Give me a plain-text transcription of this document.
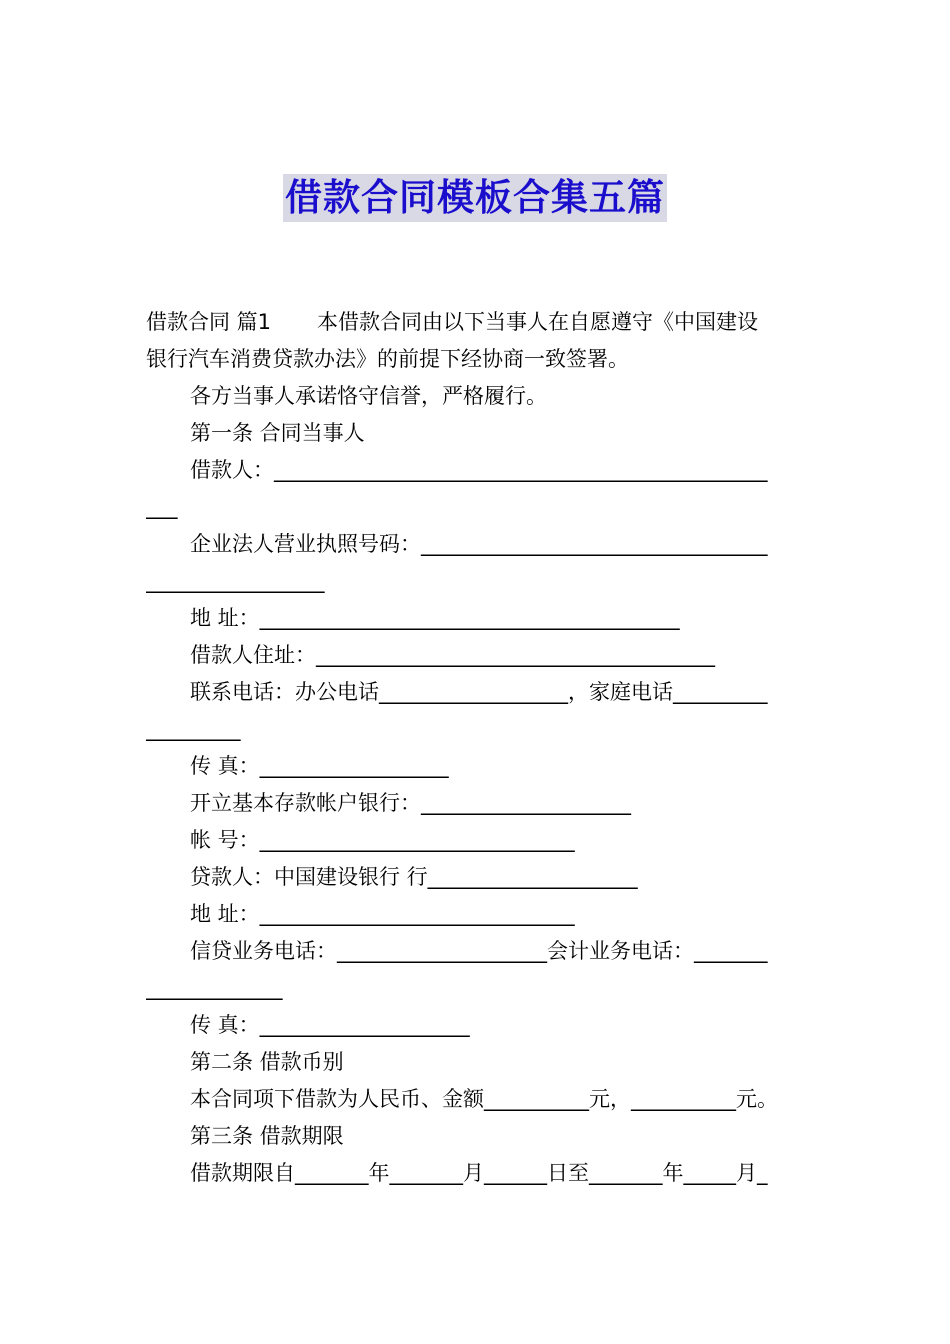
借款合同模板合集五篇
借款合同 篇1 本借款合同由以下当事人在自愿遵守《中国建设
银行汽车消费贷款办法》的前提下经协商一致签署。
各方当事人承诺恪守信誉，严格履行。
第一条 合同当事人
借款人：_______________________________________________
___
企业法人营业执照号码：_________________________________
_________________
地 址：________________________________________
借款人住址：______________________________________
联系电话：办公电话__________________，家庭电话_________
_________
传 真：__________________
开立基本存款帐户银行：____________________
帐 号：______________________________
贷款人：中国建设银行 行____________________
地 址：______________________________
信贷业务电话：____________________会计业务电话：_______
_____________
传 真：____________________
第二条 借款币别
本合同项下借款为人民币、金额__________元，__________元。
第三条 借款期限
借款期限自_______年_______月______日至_______年_____月_
